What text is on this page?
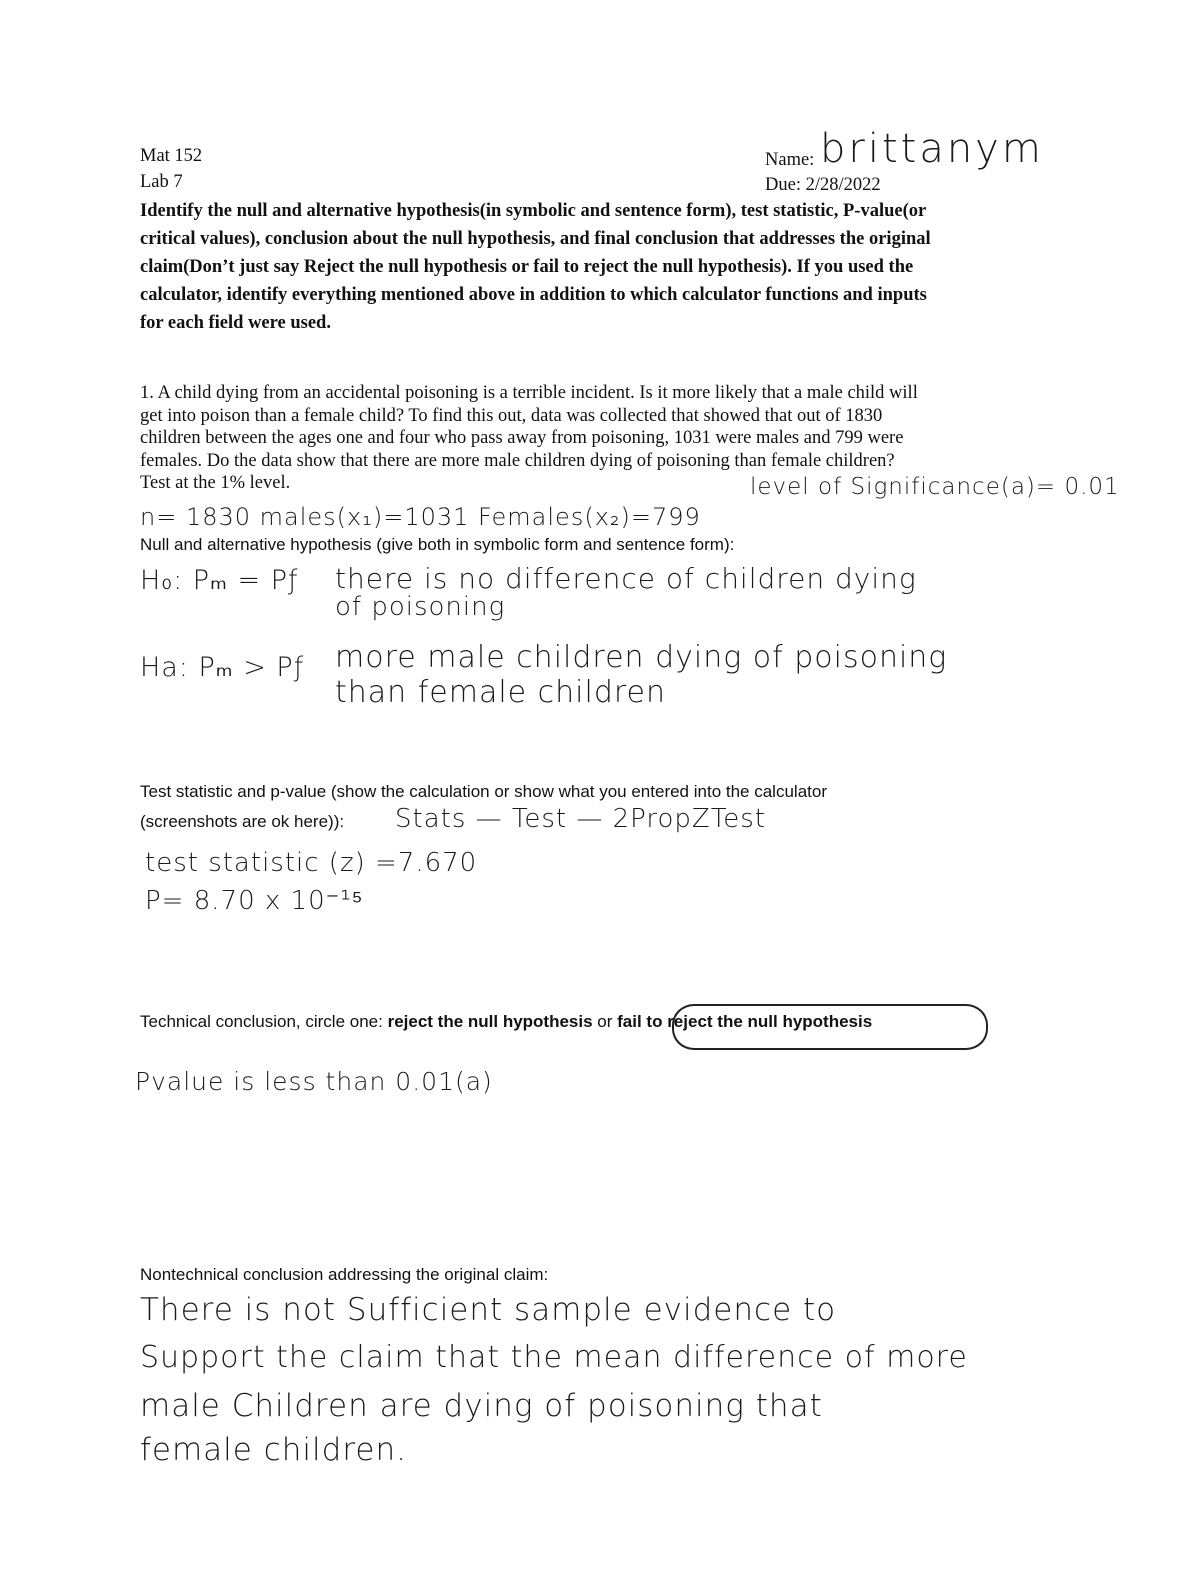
Mat 152
Lab 7
Name: brittanym
Due: 2/28/2022
Identify the null and alternative hypothesis(in symbolic and sentence form), test statistic, P-value(or
critical values), conclusion about the null hypothesis, and final conclusion that addresses the original
claim(Don’t just say Reject the null hypothesis or fail to reject the null hypothesis). If you used the
calculator, identify everything mentioned above in addition to which calculator functions and inputs
for each field were used.
1. A child dying from an accidental poisoning is a terrible incident. Is it more likely that a male child will
get into poison than a female child? To find this out, data was collected that showed that out of 1830
children between the ages one and four who pass away from poisoning, 1031 were males and 799 were
females. Do the data show that there are more male children dying of poisoning than female children?
Test at the 1% level.	level of Significance(a)= 0.01
n= 1830 males(x₁)=1031 Females(x₂)=799
Null and alternative hypothesis (give both in symbolic form and sentence form):
H₀: Pₘ = Pƒ there is no difference of children dying
of poisoning
Ha: Pₘ > Pƒ more male children dying of poisoning
than female children
Test statistic and p-value (show the calculation or show what you entered into the calculator
(screenshots are ok here)): Stats — Test — 2PropZTest
test statistic (z) =7.670
P= 8.70 x 10⁻¹⁵
Technical conclusion, circle one: reject the null hypothesis or fail to reject the null hypothesis
Pvalue is less than 0.01(a)
Nontechnical conclusion addressing the original claim:
There is not Sufficient sample evidence to
Support the claim that the mean difference of more
male Children are dying of poisoning that
female children.
